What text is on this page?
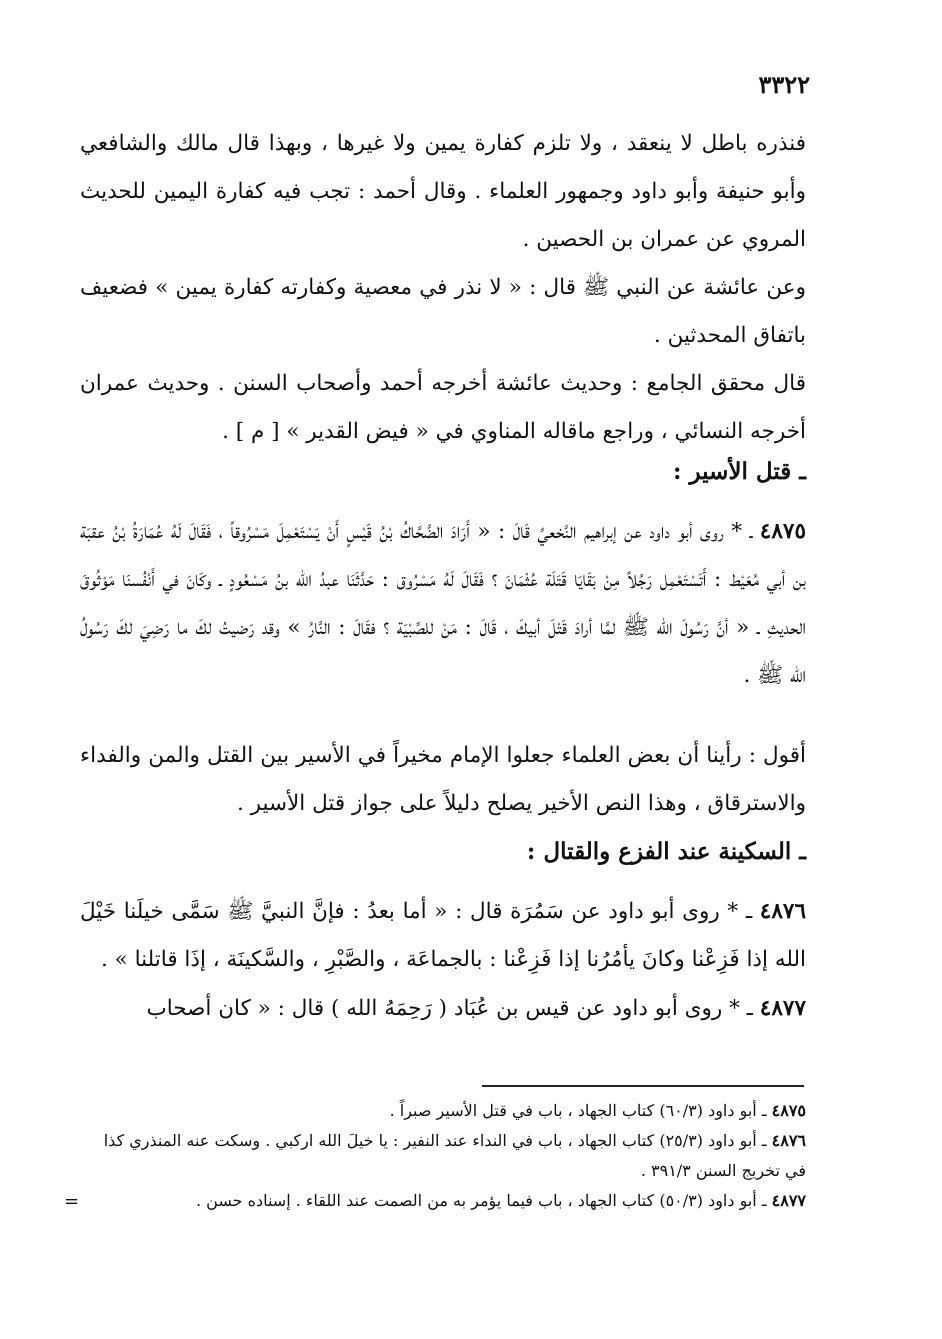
٣٣٢٢
فنذره باطل لا ينعقد ، ولا تلزم كفارة يمين ولا غيرها ، وبهذا قال مالك والشافعي وأبو حنيفة وأبو داود وجمهور العلماء . وقال أحمد : تجب فيه كفارة اليمين للحديث المروي عن عمران بن الحصين .
وعن عائشة عن النبي ﷺ قال : « لا نذر في معصية وكفارته كفارة يمين » فضعيف باتفاق المحدثين .
قال محقق الجامع : وحديث عائشة أخرجه أحمد وأصحاب السنن . وحديث عمران أخرجه النسائي ، وراجع ماقاله المناوي في « فيض القدير » [ م ] .
ـ قتل الأسير :
٤٨٧٥ ـ * روى أبو داود عن إبراهيم النَّخعيِّ قَالَ : « أَرَادَ الضَّحَّاكُ بْنُ قَيْسٍ أَنْ يَسْتَعْمِلَ مَسْرُوقاً ، فَقَالَ لَهُ عُمَارَةُ بْنُ عقبَة بن أبي مُعَيْط : أَتَسْتَعْمِل رَجُلاً مِنْ بَقَايَا قَتَلَة عُثْمَانَ ؟ فَقَالَ لَهُ مَسْرُوق : حَدَّثَنَا عبدُ الله بنُ مَسْعُودٍ ـ وكَانَ في أَنْفُسنَا مَوْثُوقَ الحديثِ ـ « أنَّ رَسُولَ الله ﷺ لمَّا أرادَ قَتْلَ أبيكَ ، قَالَ : مَنْ للصِّبْيَة ؟ فقَالَ : النَّارُ » وقد رَضيتُ لكَ ما رَضِيَ لكَ رَسُولُ الله ﷺ .
أقول : رأينا أن بعض العلماء جعلوا الإمام مخيراً في الأسير بين القتل والمن والفداء والاسترقاق ، وهذا النص الأخير يصلح دليلاً على جواز قتل الأسير .
ـ السكينة عند الفزع والقتال :
٤٨٧٦ ـ * روى أبو داود عن سَمُرَة قال : « أما بعدُ : فإنَّ النبيَّ ﷺ سَمَّى خيلَنا خَيْلَ الله إذا فَزِعْنا وكانَ يأمُرُنا إذا فَزِعْنا : بالجماعَة ، والصَّبْرِ ، والسَّكينَة ، إذَا قاتلنا » .
٤٨٧٧ ـ * روى أبو داود عن قيس بن عُبَاد ( رَحِمَهُ الله ) قال : « كان أصحاب

٤٨٧٥ ـ أبو داود (٦٠/٣) كتاب الجهاد ، باب في قتل الأسير صبراً .

٤٨٧٦ ـ أبو داود (٢٥/٣) كتاب الجهاد ، باب في النداء عند النفير : يا خيلَ الله اركبي . وسكت عنه المنذري كذا في تخريج السنن ٣٩١/٣ .

٤٨٧٧ ـ أبو داود (٥٠/٣) كتاب الجهاد ، باب فيما يؤمر به من الصمت عند اللقاء . إسناده حسن .

=
